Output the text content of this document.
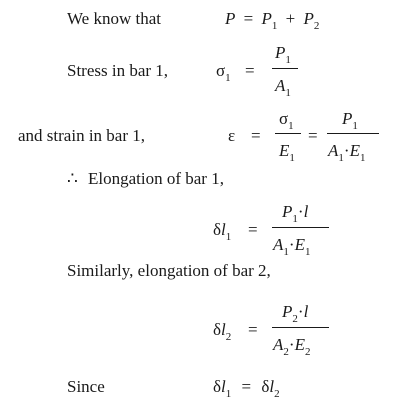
We know that	$P = P_1 + P_2$
Stress in bar 1,	$\sigma_1$ =
$P_1$
$A_1$
and strain in bar 1,	ε =
$\sigma_1$
$E_1$
=
$P_1$
$A_1\cdot E_1$
∴ Elongation of bar 1,
$\delta l_1$ =
$P_1\cdot l$
$A_1\cdot E_1$
Similarly, elongation of bar 2,
$\delta l_2$ =
$P_2\cdot l$
$A_2\cdot E_2$
Since	$\delta l_1 = \delta l_2$
